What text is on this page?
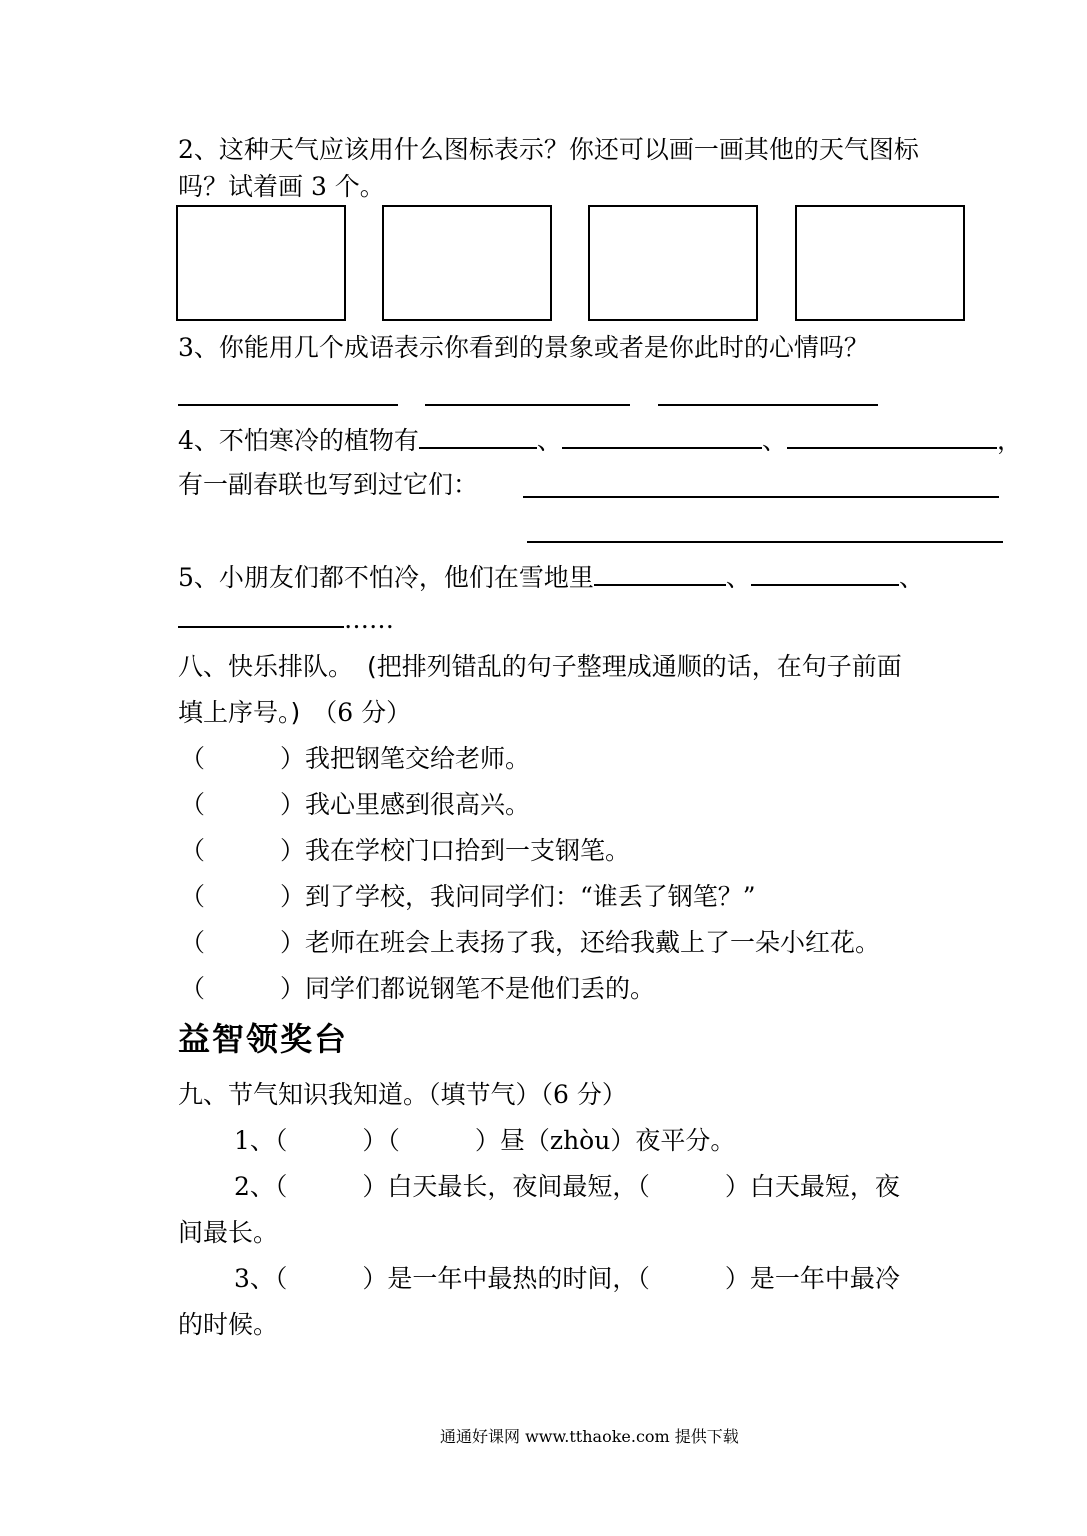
2、这种天气应该用什么图标表示？你还可以画一画其他的天气图标
吗？试着画 3 个。
3、你能用几个成语表示你看到的景象或者是你此时的心情吗？
4、不怕寒冷的植物有	、	、	，
有一副春联也写到过它们：
5、小朋友们都不怕冷，他们在雪地里	、	、
……
八、快乐排队。 (把排列错乱的句子整理成通顺的话，在句子前面
填上序号。) （6 分）
（	）我把钢笔交给老师。
（	）我心里感到很高兴。
（	）我在学校门口拾到一支钢笔。
（	）到了学校，我问同学们：“谁丢了钢笔？”
（	）老师在班会上表扬了我，还给我戴上了一朵小红花。
（	）同学们都说钢笔不是他们丢的。
益智领奖台
九、节气知识我知道。（填节气）（6 分）
1、（　　　）（　　　）昼（zhòu）夜平分。
2、（　　　）白天最长，夜间最短，（　　　）白天最短，夜
间最长。
3、（　　　）是一年中最热的时间，（　　　）是一年中最冷
的时候。
通通好课网 www.tthaoke.com 提供下载
